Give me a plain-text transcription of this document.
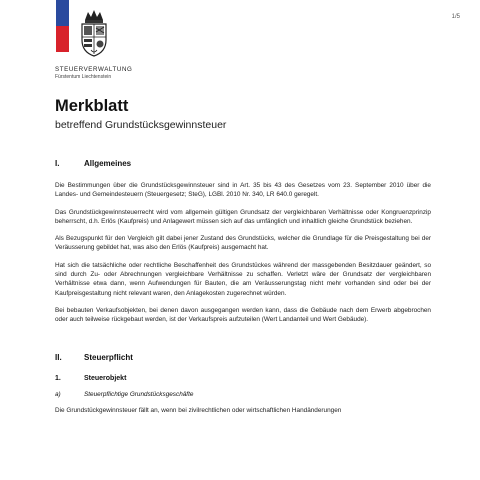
1/5
STEUERVERWALTUNG
Fürstentum Liechtenstein
Merkblatt
betreffend Grundstücksgewinnsteuer
I.	Allgemeines

Die Bestimmungen über die Grundstücksgewinnsteuer sind in Art. 35 bis 43 des Gesetzes vom 23. September 2010 über die Landes- und Gemeindesteuern (Steuergesetz; SteG), LGBl. 2010 Nr. 340, LR 640.0 geregelt.

Das Grundstückgewinnsteuerrecht wird vom allgemein gültigen Grundsatz der vergleichbaren Verhältnisse oder Kongruenzprinzip beherrscht, d.h. Erlös (Kaufpreis) und Anlagewert müssen sich auf das umfänglich und inhaltlich gleiche Grundstück beziehen.

Als Bezugspunkt für den Vergleich gilt dabei jener Zustand des Grundstücks, welcher die Grundlage für die Preisgestaltung bei der Veräusserung gebildet hat, was also den Erlös (Kaufpreis) ausgemacht hat.

Hat sich die tatsächliche oder rechtliche Beschaffenheit des Grundstückes während der massgebenden Besitzdauer geändert, so sind durch Zu- oder Abrechnungen vergleichbare Verhältnisse zu schaffen. Verletzt wäre der Grundsatz der vergleichbaren Verhältnisse etwa dann, wenn Aufwendungen für Bauten, die am Veräusserungstag nicht mehr vorhanden sind oder bei der Kaufpreisgestaltung nicht relevant waren, den Anlagekosten zugerechnet würden.

Bei bebauten Verkaufsobjekten, bei denen davon ausgegangen werden kann, dass die Gebäude nach dem Erwerb abgebrochen oder auch teilweise rückgebaut werden, ist der Verkaufspreis aufzuteilen (Wert Landanteil und Wert Gebäude).

II.	Steuerpflicht
1.	Steuerobjekt
a)	Steuerpflichtige Grundstücksgeschäfte

Die Grundstückgewinnsteuer fällt an, wenn bei zivilrechtlichen oder wirtschaftlichen Handänderungen
